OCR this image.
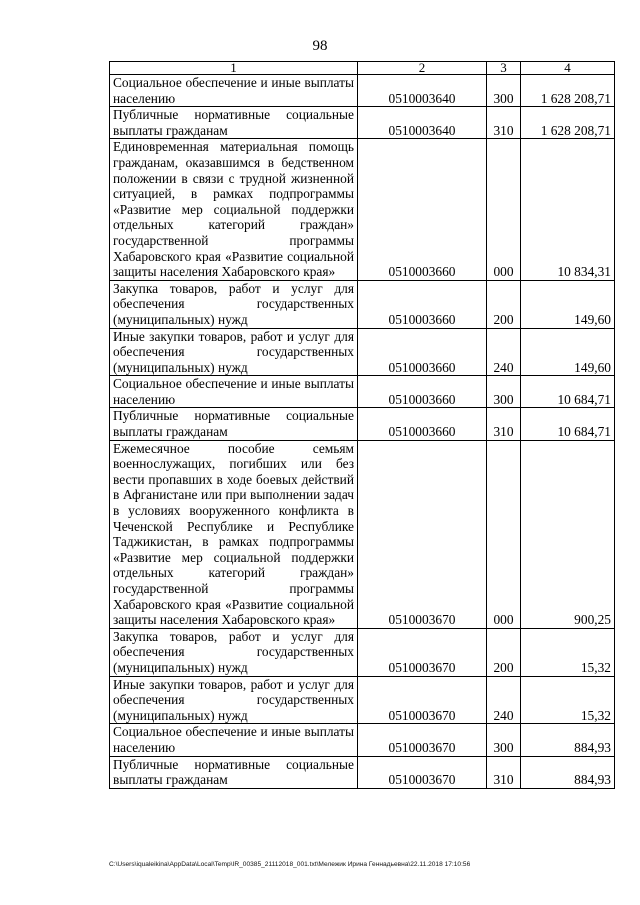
98
1	2	3	4
Социальное обеспечение и иные выплаты населению	0510003640	300	1 628 208,71
Публичные нормативные социальные выплаты гражданам	0510003640	310	1 628 208,71
Единовременная материальная помощь гражданам, оказавшимся в бедственном положении в связи с трудной жизненной ситуацией, в рамках подпрограммы «Развитие мер социальной поддержки отдельных категорий граждан» государственной программы Хабаровского края «Развитие социальной защиты населения Хабаровского края»	0510003660	000	10 834,31
Закупка товаров, работ и услуг для обеспечения государственных (муниципальных) нужд	0510003660	200	149,60
Иные закупки товаров, работ и услуг для обеспечения государственных (муниципальных) нужд	0510003660	240	149,60
Социальное обеспечение и иные выплаты населению	0510003660	300	10 684,71
Публичные нормативные социальные выплаты гражданам	0510003660	310	10 684,71
Ежемесячное пособие семьям военнослужащих, погибших или без вести пропавших в ходе боевых действий в Афганистане или при выполнении задач в условиях вооруженного конфликта в Чеченской Республике и Республике Таджикистан, в рамках подпрограммы «Развитие мер социальной поддержки отдельных категорий граждан» государственной программы Хабаровского края «Развитие социальной защиты населения Хабаровского края»	0510003670	000	900,25
Закупка товаров, работ и услуг для обеспечения государственных (муниципальных) нужд	0510003670	200	15,32
Иные закупки товаров, работ и услуг для обеспечения государственных (муниципальных) нужд	0510003670	240	15,32
Социальное обеспечение и иные выплаты населению	0510003670	300	884,93
Публичные нормативные социальные выплаты гражданам	0510003670	310	884,93
C:\Users\iqualeikina\AppData\Local\Temp\IR_00385_21112018_001.txt\Мележик Ирина Геннадьевна\22.11.2018 17:10:56
